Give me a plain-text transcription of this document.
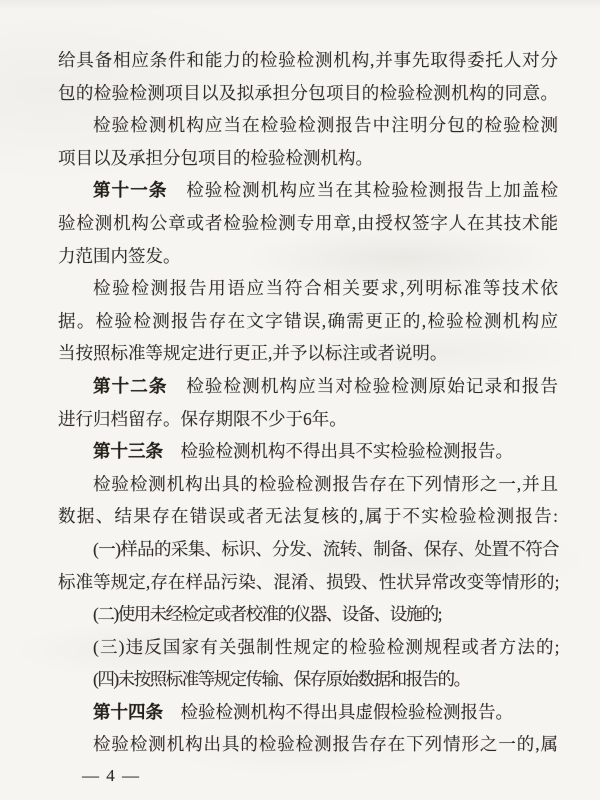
给具备相应条件和能力的检验检测机构,并事先取得委托人对分
包的检验检测项目以及拟承担分包项目的检验检测机构的同意。
检验检测机构应当在检验检测报告中注明分包的检验检测
项目以及承担分包项目的检验检测机构。
第十一条　检验检测机构应当在其检验检测报告上加盖检
验检测机构公章或者检验检测专用章,由授权签字人在其技术能
力范围内签发。
检验检测报告用语应当符合相关要求,列明标准等技术依
据。检验检测报告存在文字错误,确需更正的,检验检测机构应
当按照标准等规定进行更正,并予以标注或者说明。
第十二条　检验检测机构应当对检验检测原始记录和报告
进行归档留存。保存期限不少于6年。
第十三条　检验检测机构不得出具不实检验检测报告。
检验检测机构出具的检验检测报告存在下列情形之一,并且
数据、结果存在错误或者无法复核的,属于不实检验检测报告:
(一)样品的采集、标识、分发、流转、制备、保存、处置不符合
标准等规定,存在样品污染、混淆、损毁、性状异常改变等情形的;
(二)使用未经检定或者校准的仪器、设备、设施的;
(三)违反国家有关强制性规定的检验检测规程或者方法的;
(四)未按照标准等规定传输、保存原始数据和报告的。
第十四条　检验检测机构不得出具虚假检验检测报告。
检验检测机构出具的检验检测报告存在下列情形之一的,属
— 4 —
